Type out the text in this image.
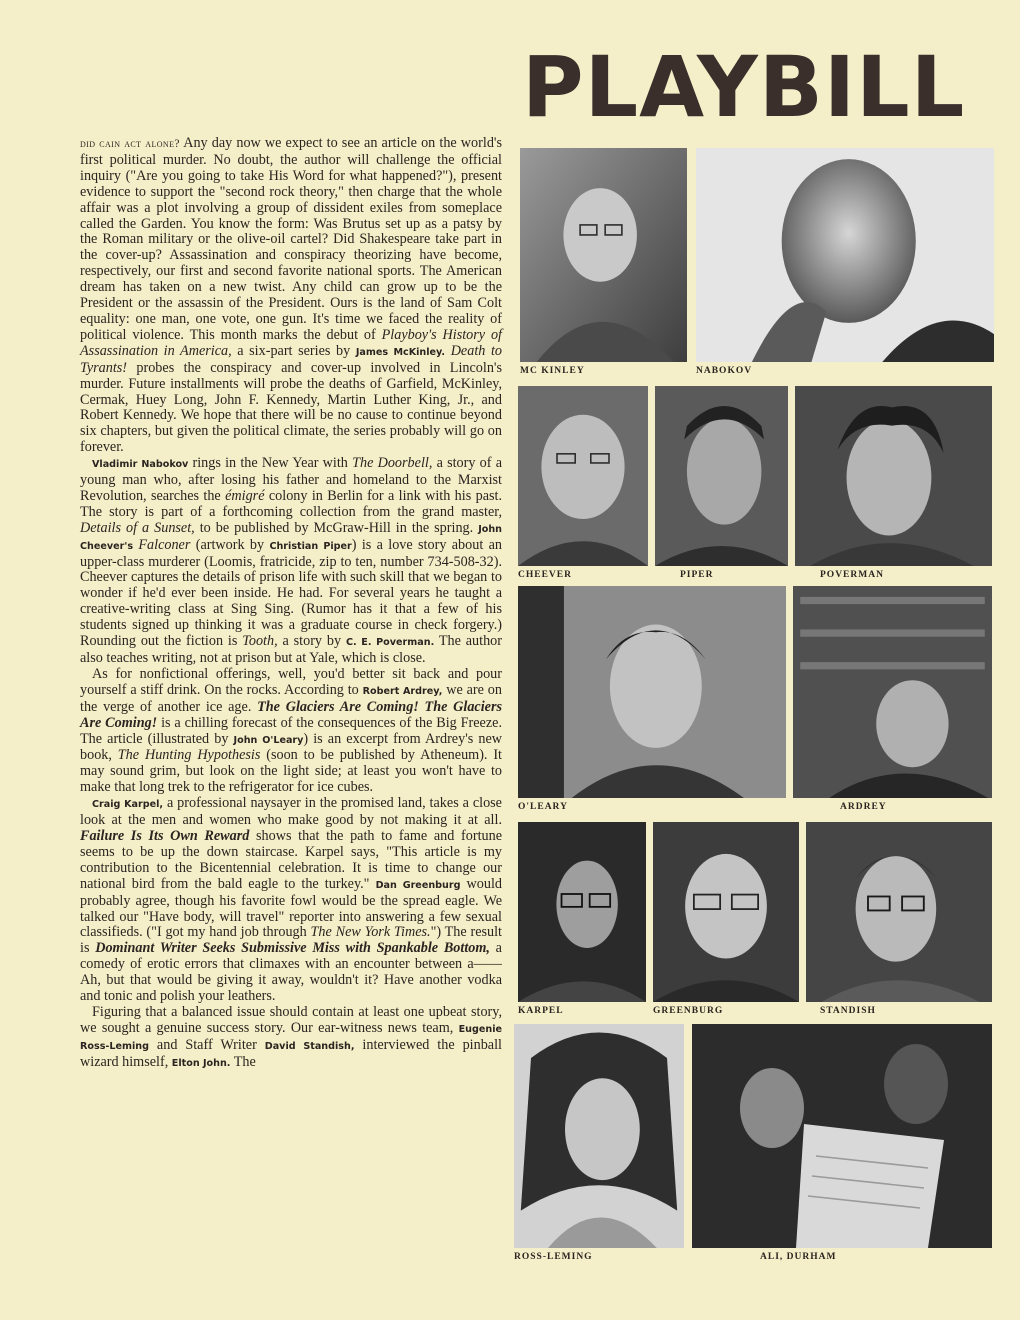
PLAYBILL

did cain act alone? Any day now we expect to see an article on the world's first political murder. No doubt, the author will challenge the official inquiry ("Are you going to take His Word for what happened?"), present evidence to support the "second rock theory," then charge that the whole affair was a plot involving a group of dissident exiles from someplace called the Garden. You know the form: Was Brutus set up as a patsy by the Roman military or the olive-oil cartel? Did Shakespeare take part in the cover-up? Assassination and conspiracy theorizing have become, respectively, our first and second favorite national sports. The American dream has taken on a new twist. Any child can grow up to be the President or the assassin of the President. Ours is the land of Sam Colt equality: one man, one vote, one gun. It's time we faced the reality of political violence. This month marks the debut of Playboy's History of Assassination in America, a six-part series by James McKinley. Death to Tyrants! probes the conspiracy and cover-up involved in Lincoln's murder. Future installments will probe the deaths of Garfield, McKinley, Cermak, Huey Long, John F. Kennedy, Martin Luther King, Jr., and Robert Kennedy. We hope that there will be no cause to continue beyond six chapters, but given the political climate, the series probably will go on forever.

Vladimir Nabokov rings in the New Year with The Doorbell, a story of a young man who, after losing his father and homeland to the Marxist Revolution, searches the émigré colony in Berlin for a link with his past. The story is part of a forthcoming collection from the grand master, Details of a Sunset, to be published by McGraw-Hill in the spring. John Cheever's Falconer (artwork by Christian Piper) is a love story about an upper-class murderer (Loomis, fratricide, zip to ten, number 734-508-32). Cheever captures the details of prison life with such skill that we began to wonder if he'd ever been inside. He had. For several years he taught a creative-writing class at Sing Sing. (Rumor has it that a few of his students signed up thinking it was a graduate course in check forgery.) Rounding out the fiction is Tooth, a story by C. E. Poverman. The author also teaches writing, not at prison but at Yale, which is close.

As for nonfictional offerings, well, you'd better sit back and pour yourself a stiff drink. On the rocks. According to Robert Ardrey, we are on the verge of another ice age. The Glaciers Are Coming! The Glaciers Are Coming! is a chilling forecast of the consequences of the Big Freeze. The article (illustrated by John O'Leary) is an excerpt from Ardrey's new book, The Hunting Hypothesis (soon to be published by Atheneum). It may sound grim, but look on the light side; at least you won't have to make that long trek to the refrigerator for ice cubes.

Craig Karpel, a professional naysayer in the promised land, takes a close look at the men and women who make good by not making it at all. Failure Is Its Own Reward shows that the path to fame and fortune seems to be up the down staircase. Karpel says, "This article is my contribution to the Bicentennial celebration. It is time to change our national bird from the bald eagle to the turkey." Dan Greenburg would probably agree, though his favorite fowl would be the spread eagle. We talked our "Have body, will travel" reporter into answering a few sexual classifieds. ("I got my hand job through The New York Times.") The result is Dominant Writer Seeks Submissive Miss with Spankable Bottom, a comedy of erotic errors that climaxes with an encounter between a—— Ah, but that would be giving it away, wouldn't it? Have another vodka and tonic and polish your leathers.

Figuring that a balanced issue should contain at least one upbeat story, we sought a genuine success story. Our ear-witness news team, Eugenie Ross-Leming and Staff Writer David Standish, interviewed the pinball wizard himself, Elton John. The

MC KINLEY	NABOKOV
CHEEVER	PIPER	POVERMAN
O'LEARY	ARDREY
KARPEL	GREENBURG	STANDISH
ROSS-LEMING	ALI, DURHAM
